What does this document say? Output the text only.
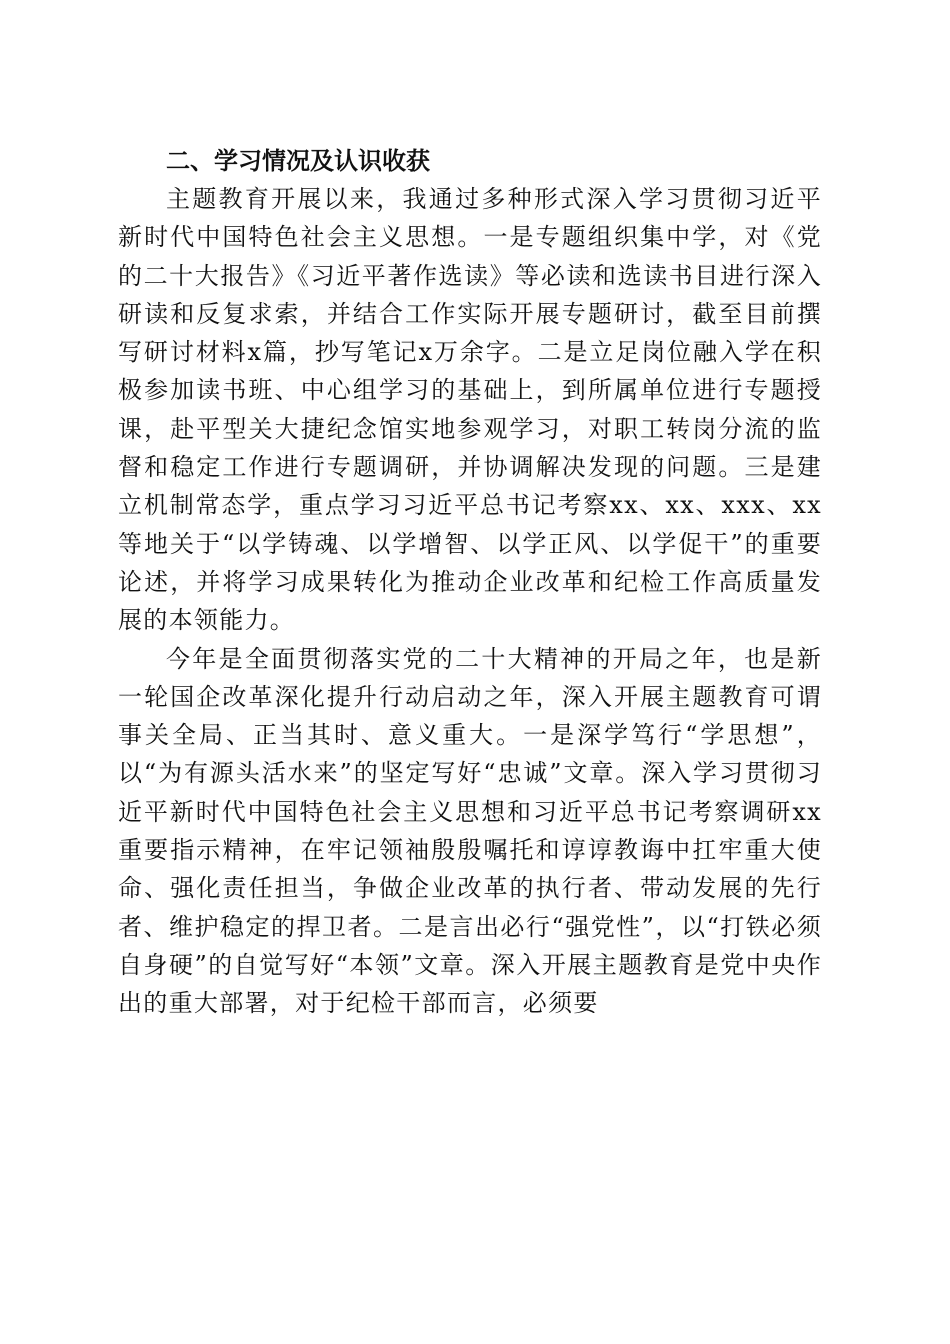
二、学习情况及认识收获

主题教育开展以来，我通过多种形式深入学习贯彻习近平新时代中国特色社会主义思想。一是专题组织集中学，对《党的二十大报告》《习近平著作选读》等必读和选读书目进行深入研读和反复求索，并结合工作实际开展专题研讨，截至目前撰写研讨材料x篇，抄写笔记x万余字。二是立足岗位融入学在积极参加读书班、中心组学习的基础上，到所属单位进行专题授课，赴平型关大捷纪念馆实地参观学习，对职工转岗分流的监督和稳定工作进行专题调研，并协调解决发现的问题。三是建立机制常态学，重点学习习近平总书记考察xx、xx、xxx、xx等地关于“以学铸魂、以学增智、以学正风、以学促干”的重要论述，并将学习成果转化为推动企业改革和纪检工作高质量发展的本领能力。

今年是全面贯彻落实党的二十大精神的开局之年，也是新一轮国企改革深化提升行动启动之年，深入开展主题教育可谓事关全局、正当其时、意义重大。一是深学笃行“学思想”，以“为有源头活水来”的坚定写好“忠诚”文章。深入学习贯彻习近平新时代中国特色社会主义思想和习近平总书记考察调研xx重要指示精神，在牢记领袖殷殷嘱托和谆谆教诲中扛牢重大使命、强化责任担当，争做企业改革的执行者、带动发展的先行者、维护稳定的捍卫者。二是言出必行“强党性”，以“打铁必须自身硬”的自觉写好“本领”文章。深入开展主题教育是党中央作出的重大部署，对于纪检干部而言，必须要
